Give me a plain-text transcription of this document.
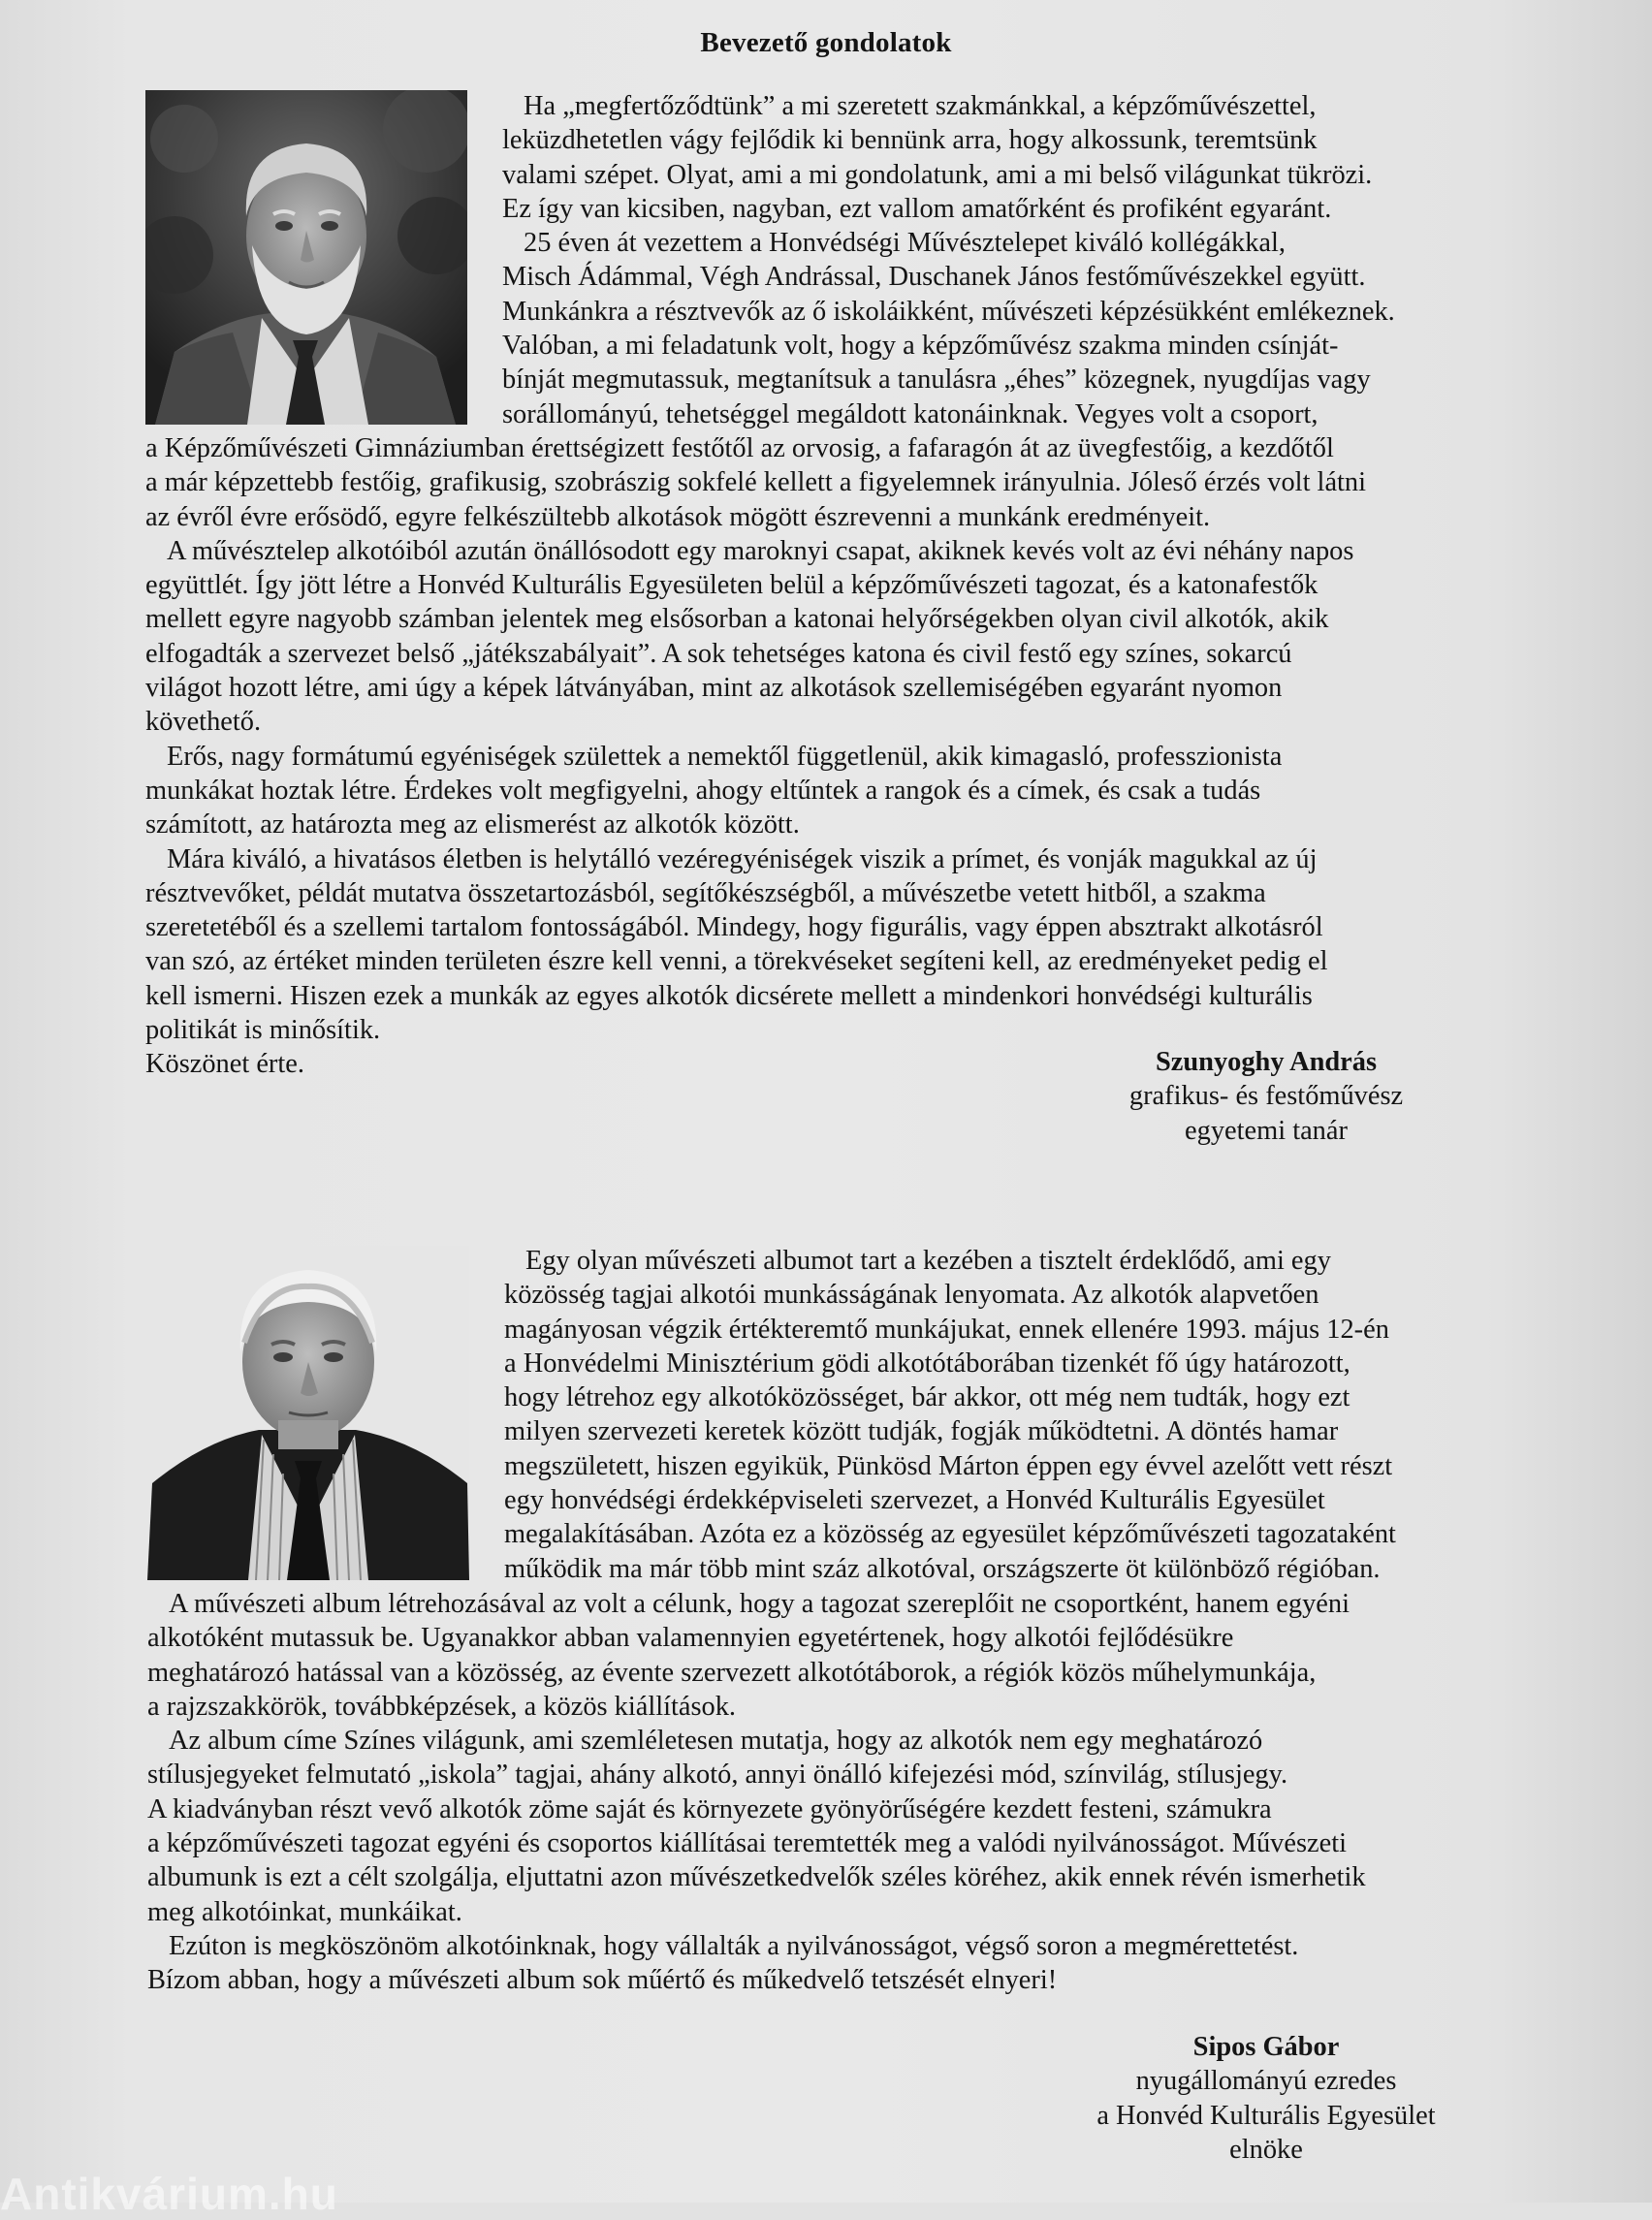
Bevezető gondolatok

Ha „megfertőződtünk” a mi szeretett szakmánkkal, a képzőművészettel,

leküzdhetetlen vágy fejlődik ki bennünk arra, hogy alkossunk, teremtsünk

valami szépet. Olyat, ami a mi gondolatunk, ami a mi belső világunkat tükrözi.

Ez így van kicsiben, nagyban, ezt vallom amatőrként és profiként egyaránt.

25 éven át vezettem a Honvédségi Művésztelepet kiváló kollégákkal,

Misch Ádámmal, Végh Andrással, Duschanek János festőművészekkel együtt.

Munkánkra a résztvevők az ő iskoláikként, művészeti képzésükként emlékeznek.

Valóban, a mi feladatunk volt, hogy a képzőművész szakma minden csínját-

bínját megmutassuk, megtanítsuk a tanulásra „éhes” közegnek, nyugdíjas vagy

sorállományú, tehetséggel megáldott katonáinknak. Vegyes volt a csoport,

a Képzőművészeti Gimnáziumban érettségizett festőtől az orvosig, a fafaragón át az üvegfestőig, a kezdőtől

a már képzettebb festőig, grafikusig, szobrászig sokfelé kellett a figyelemnek irányulnia. Jóleső érzés volt látni

az évről évre erősödő, egyre felkészültebb alkotások mögött észrevenni a munkánk eredményeit.

A művésztelep alkotóiból azután önállósodott egy maroknyi csapat, akiknek kevés volt az évi néhány napos

együttlét. Így jött létre a Honvéd Kulturális Egyesületen belül a képzőművészeti tagozat, és a katonafestők

mellett egyre nagyobb számban jelentek meg elsősorban a katonai helyőrségekben olyan civil alkotók, akik

elfogadták a szervezet belső „játékszabályait”. A sok tehetséges katona és civil festő egy színes, sokarcú

világot hozott létre, ami úgy a képek látványában, mint az alkotások szellemiségében egyaránt nyomon

követhető.

Erős, nagy formátumú egyéniségek születtek a nemektől függetlenül, akik kimagasló, professzionista

munkákat hoztak létre. Érdekes volt megfigyelni, ahogy eltűntek a rangok és a címek, és csak a tudás

számított, az határozta meg az elismerést az alkotók között.

Mára kiváló, a hivatásos életben is helytálló vezéregyéniségek viszik a prímet, és vonják magukkal az új

résztvevőket, példát mutatva összetartozásból, segítőkészségből, a művészetbe vetett hitből, a szakma

szeretetéből és a szellemi tartalom fontosságából. Mindegy, hogy figurális, vagy éppen absztrakt alkotásról

van szó, az értéket minden területen észre kell venni, a törekvéseket segíteni kell, az eredményeket pedig el

kell ismerni. Hiszen ezek a munkák az egyes alkotók dicsérete mellett a mindenkori honvédségi kulturális

politikát is minősítik.

Köszönet érte.	Szunyoghy András
grafikus- és festőművész
egyetemi tanár

Egy olyan művészeti albumot tart a kezében a tisztelt érdeklődő, ami egy

közösség tagjai alkotói munkásságának lenyomata. Az alkotók alapvetően

magányosan végzik értékteremtő munkájukat, ennek ellenére 1993. május 12-én

a Honvédelmi Minisztérium gödi alkotótáborában tizenkét fő úgy határozott,

hogy létrehoz egy alkotóközösséget, bár akkor, ott még nem tudták, hogy ezt

milyen szervezeti keretek között tudják, fogják működtetni. A döntés hamar

megszületett, hiszen egyikük, Pünkösd Márton éppen egy évvel azelőtt vett részt

egy honvédségi érdekképviseleti szervezet, a Honvéd Kulturális Egyesület

megalakításában. Azóta ez a közösség az egyesület képzőművészeti tagozataként

működik ma már több mint száz alkotóval, országszerte öt különböző régióban.

A művészeti album létrehozásával az volt a célunk, hogy a tagozat szereplőit ne csoportként, hanem egyéni

alkotóként mutassuk be. Ugyanakkor abban valamennyien egyetértenek, hogy alkotói fejlődésükre

meghatározó hatással van a közösség, az évente szervezett alkotótáborok, a régiók közös műhelymunkája,

a rajzszakkörök, továbbképzések, a közös kiállítások.

Az album címe Színes világunk, ami szemléletesen mutatja, hogy az alkotók nem egy meghatározó

stílusjegyeket felmutató „iskola” tagjai, ahány alkotó, annyi önálló kifejezési mód, színvilág, stílusjegy.

A kiadványban részt vevő alkotók zöme saját és környezete gyönyörűségére kezdett festeni, számukra

a képzőművészeti tagozat egyéni és csoportos kiállításai teremtették meg a valódi nyilvánosságot. Művészeti

albumunk is ezt a célt szolgálja, eljuttatni azon művészetkedvelők széles köréhez, akik ennek révén ismerhetik

meg alkotóinkat, munkáikat.

Ezúton is megköszönöm alkotóinknak, hogy vállalták a nyilvánosságot, végső soron a megmérettetést.

Bízom abban, hogy a művészeti album sok műértő és műkedvelő tetszését elnyeri!

Sipos Gábor
nyugállományú ezredes
a Honvéd Kulturális Egyesület
elnöke
Antikvárium.hu
